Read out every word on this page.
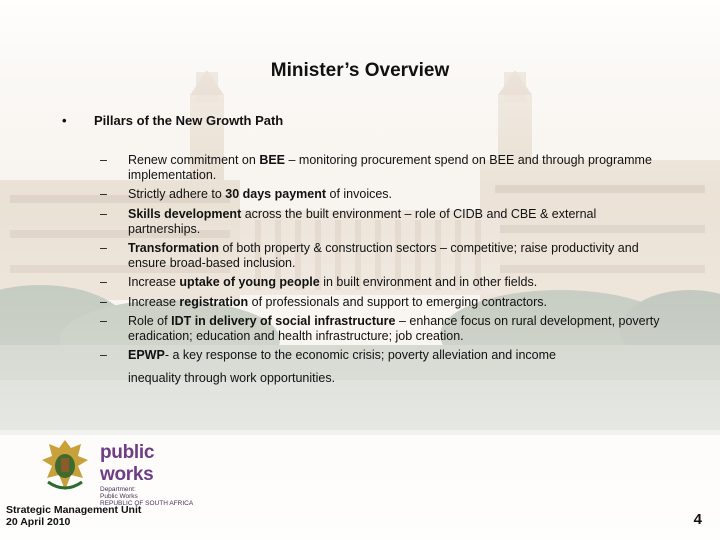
Minister’s Overview
• Pillars of the New Growth Path
–	Renew commitment on BEE – monitoring procurement spend on BEE and through programme implementation.
–	Strictly adhere to 30 days payment of invoices.
–	Skills development across the built environment – role of CIDB and CBE & external partnerships.
–	Transformation of both property & construction sectors – competitive; raise productivity and ensure broad-based inclusion.
–	Increase uptake of young people in built environment and in other fields.
–	Increase registration of professionals and support to emerging contractors.
–	Role of IDT in delivery of social infrastructure – enhance focus on rural development, poverty eradication; education and health infrastructure; job creation.
–	EPWP- a key response to the economic crisis; poverty alleviation and income
inequality through work opportunities.
public works
Department:
Public Works
REPUBLIC OF SOUTH AFRICA
Strategic Management Unit
20 April 2010	4
